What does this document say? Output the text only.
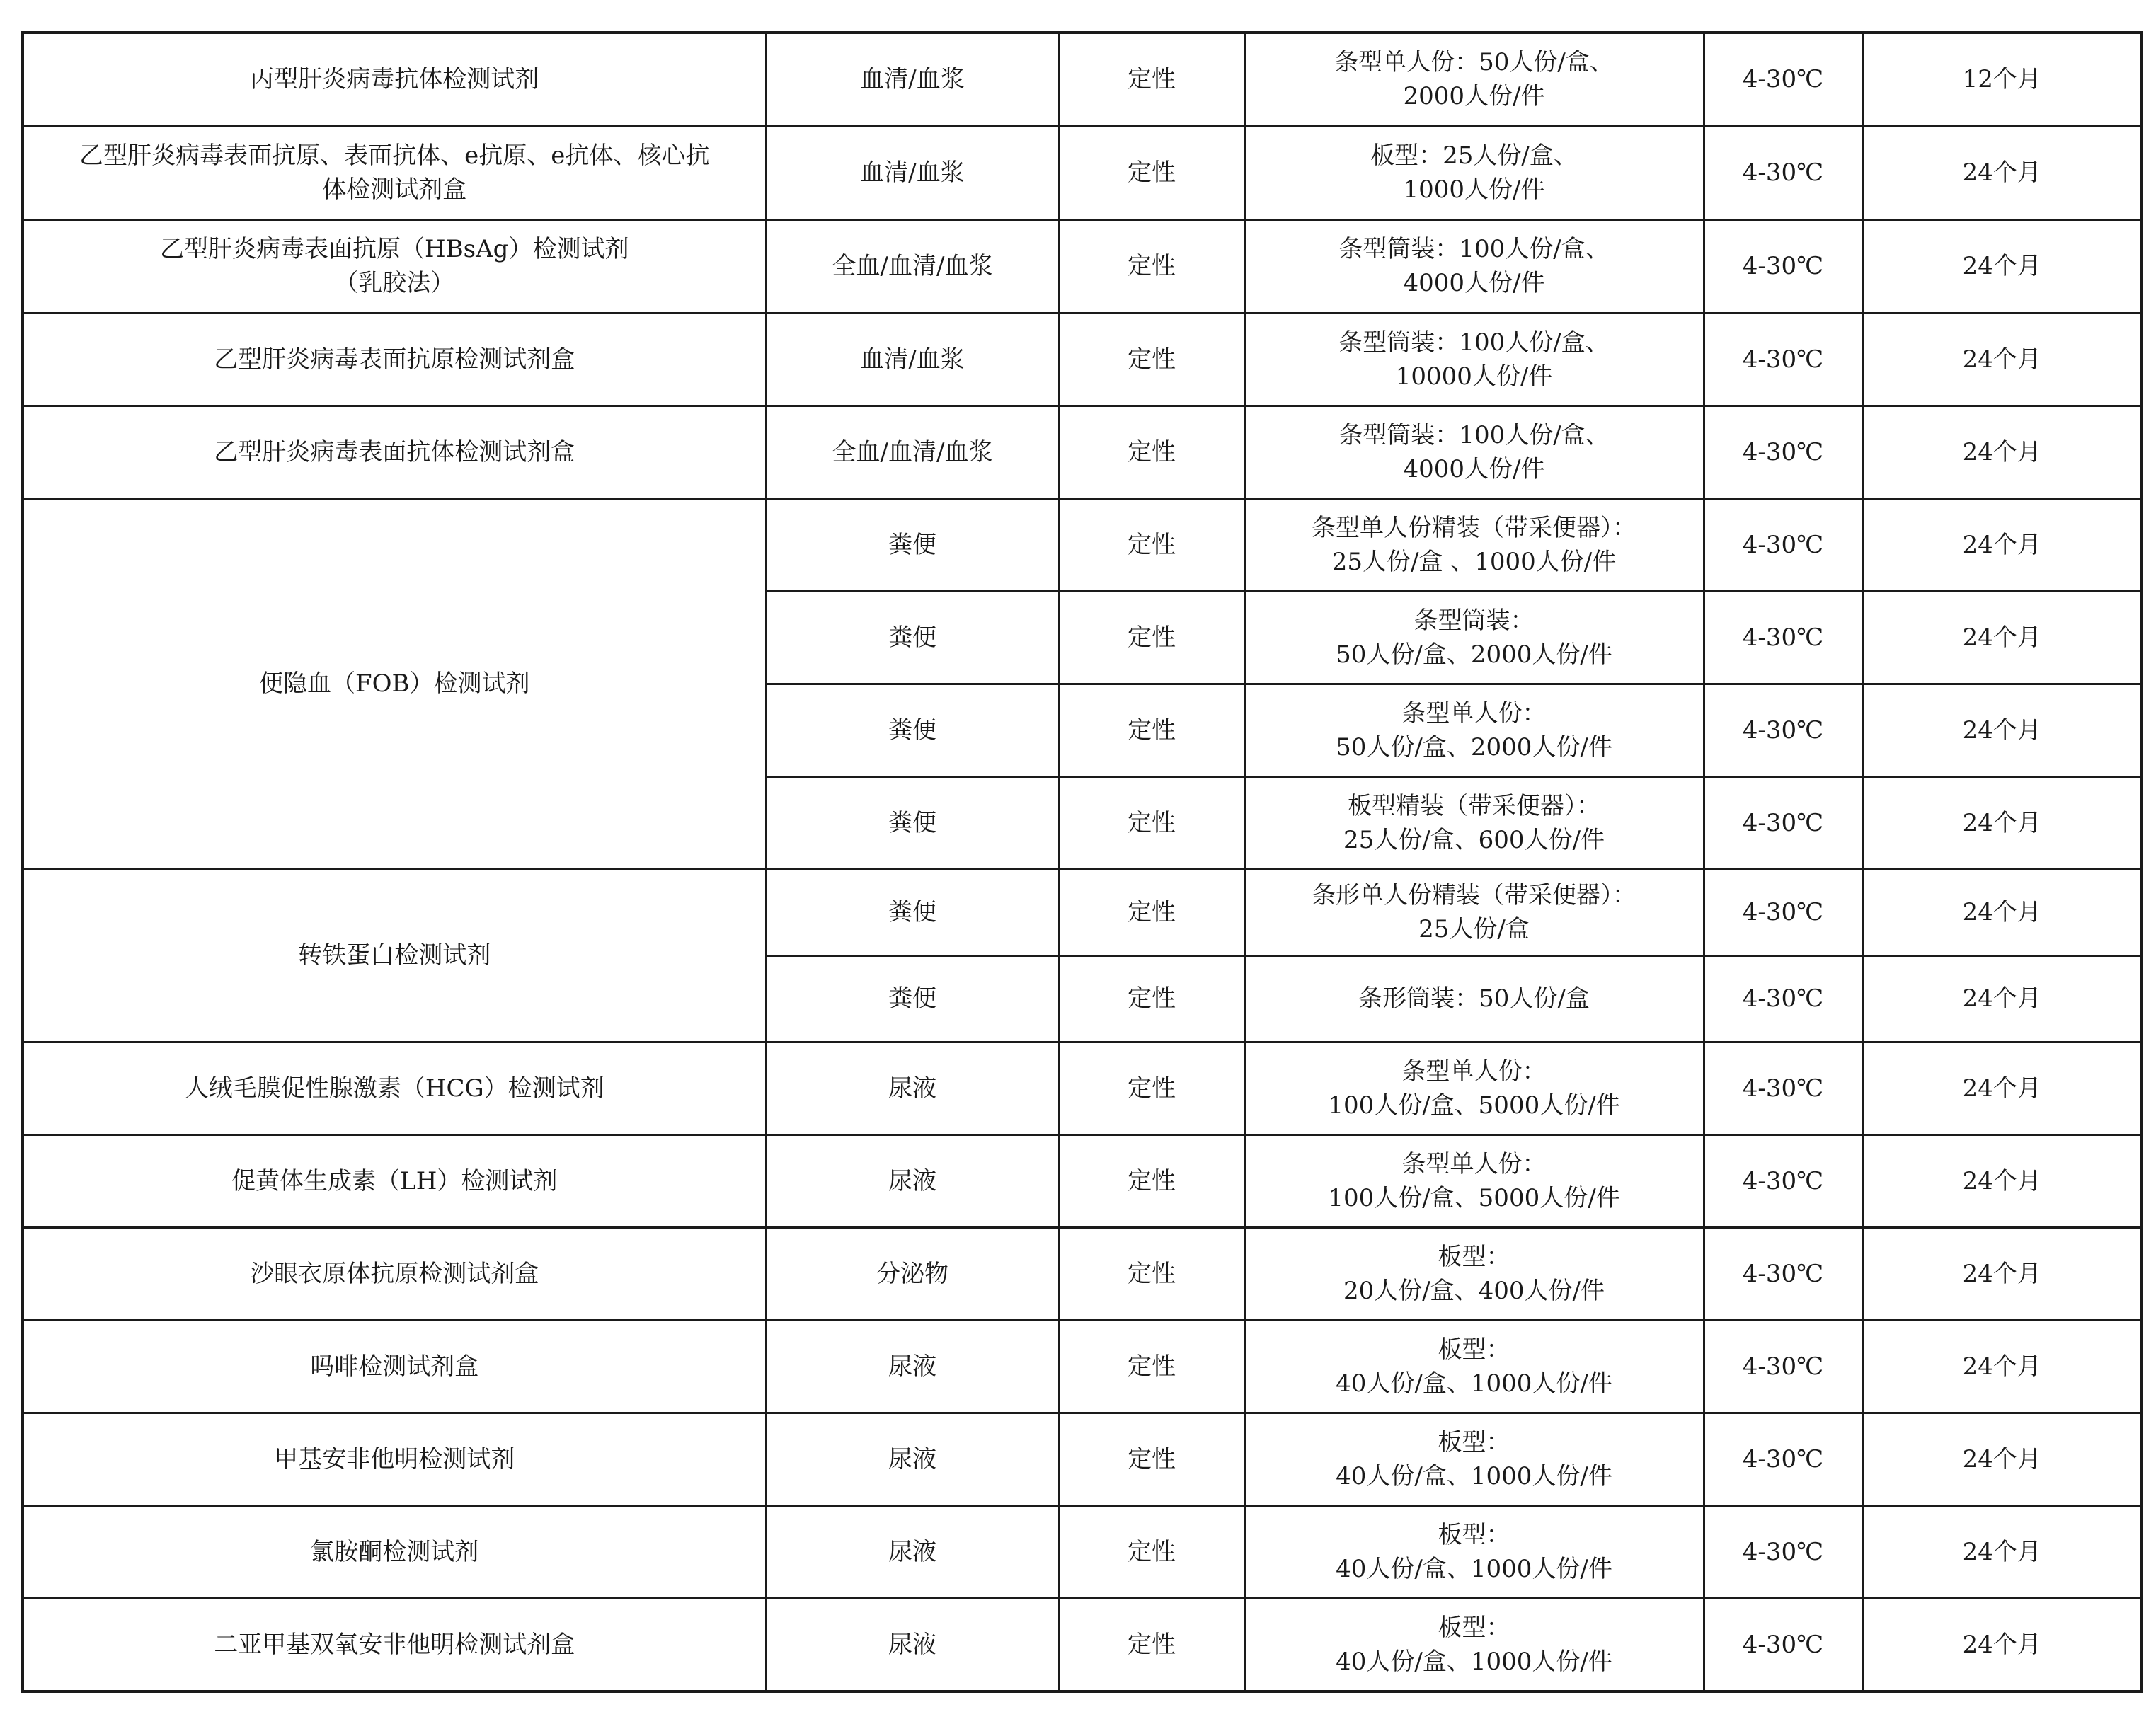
丙型肝炎病毒抗体检测试剂	血清/血浆	定性	条型单人份：50人份/盒、
2000人份/件	4-30℃	12个月

乙型肝炎病毒表面抗原、表面抗体、e抗原、e抗体、核心抗
体检测试剂盒	血清/血浆	定性	板型：25人份/盒、
1000人份/件	4-30℃	24个月

乙型肝炎病毒表面抗原（HBsAg）检测试剂
（乳胶法）	全血/血清/血浆	定性	条型筒装：100人份/盒、
4000人份/件	4-30℃	24个月

乙型肝炎病毒表面抗原检测试剂盒	血清/血浆	定性	条型筒装：100人份/盒、
10000人份/件	4-30℃	24个月

乙型肝炎病毒表面抗体检测试剂盒	全血/血清/血浆	定性	条型筒装：100人份/盒、
4000人份/件	4-30℃	24个月

便隐血（FOB）检测试剂	粪便	定性	条型单人份精装（带采便器）：
25人份/盒 、1000人份/件	4-30℃	24个月
	粪便	定性	条型筒装：
50人份/盒、2000人份/件	4-30℃	24个月
	粪便	定性	条型单人份：
50人份/盒、2000人份/件	4-30℃	24个月
	粪便	定性	板型精装（带采便器）：
25人份/盒、600人份/件	4-30℃	24个月

转铁蛋白检测试剂	粪便	定性	条形单人份精装（带采便器）：
25人份/盒	4-30℃	24个月
	粪便	定性	条形筒装：50人份/盒	4-30℃	24个月

人绒毛膜促性腺激素（HCG）检测试剂	尿液	定性	条型单人份：
100人份/盒、5000人份/件	4-30℃	24个月

促黄体生成素（LH）检测试剂	尿液	定性	条型单人份：
100人份/盒、5000人份/件	4-30℃	24个月

沙眼衣原体抗原检测试剂盒	分泌物	定性	板型：
20人份/盒、400人份/件	4-30℃	24个月

吗啡检测试剂盒	尿液	定性	板型：
40人份/盒、1000人份/件	4-30℃	24个月

甲基安非他明检测试剂	尿液	定性	板型：
40人份/盒、1000人份/件	4-30℃	24个月

氯胺酮检测试剂	尿液	定性	板型：
40人份/盒、1000人份/件	4-30℃	24个月

二亚甲基双氧安非他明检测试剂盒	尿液	定性	板型：
40人份/盒、1000人份/件	4-30℃	24个月
